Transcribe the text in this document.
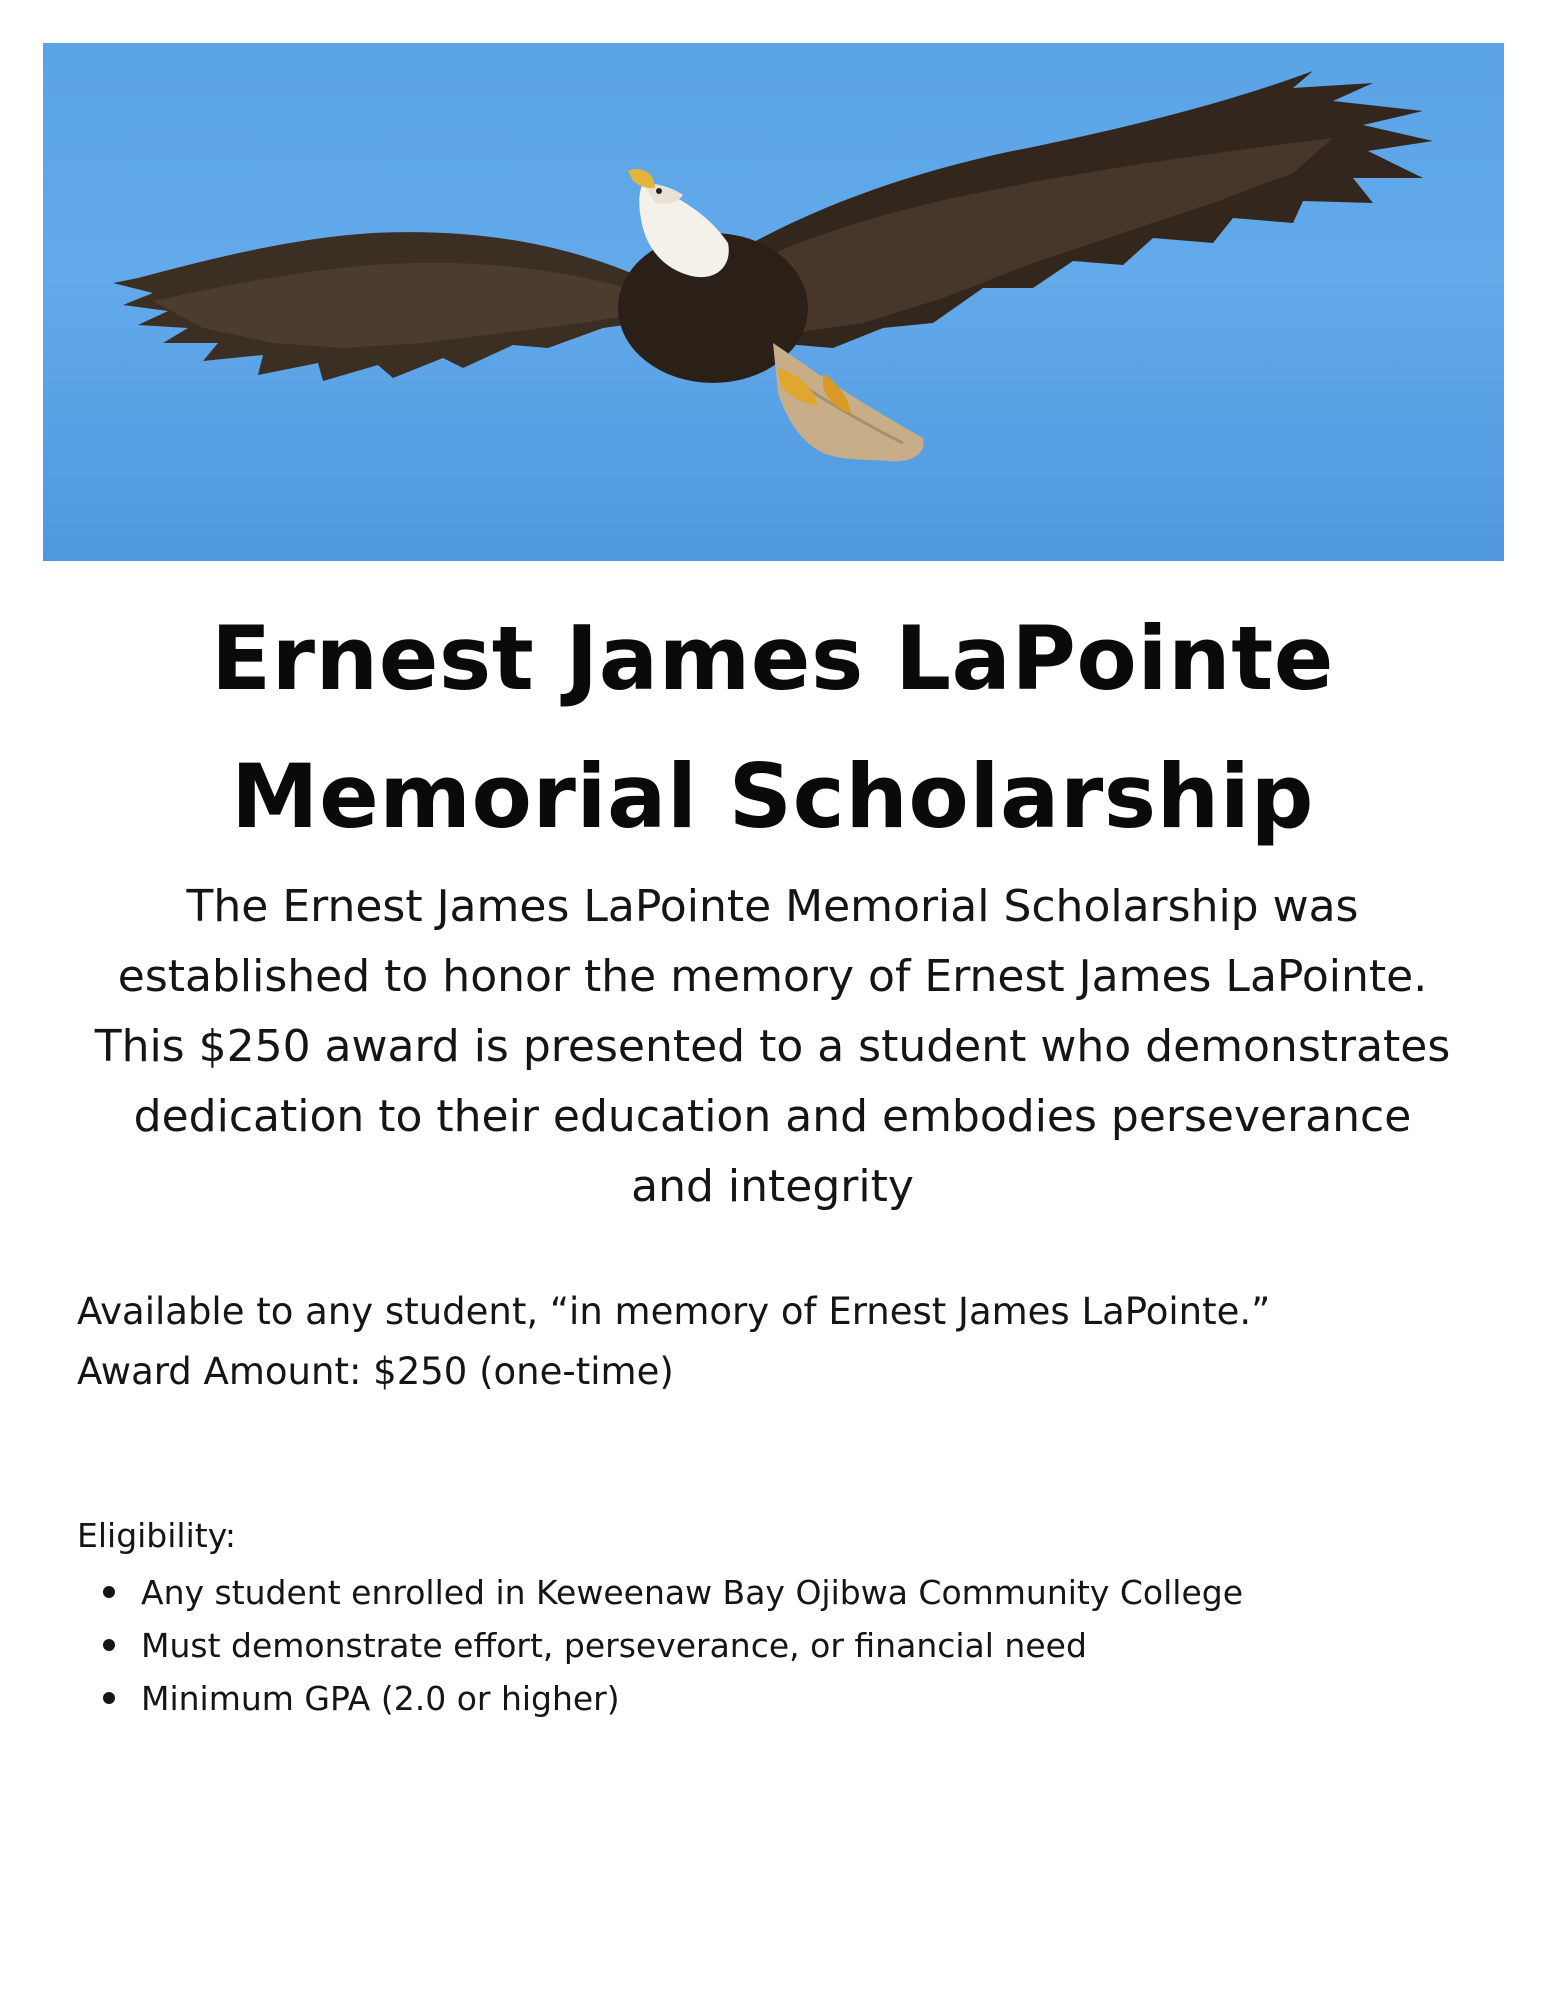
Ernest James LaPointe
Memorial Scholarship
The Ernest James LaPointe Memorial Scholarship was
established to honor the memory of Ernest James LaPointe.
This $250 award is presented to a student who demonstrates
dedication to their education and embodies perseverance
and integrity
Available to any student, “in memory of Ernest James LaPointe.”
Award Amount: $250 (one-time)
Eligibility:
Any student enrolled in Keweenaw Bay Ojibwa Community College
Must demonstrate effort, perseverance, or financial need
Minimum GPA (2.0 or higher)
